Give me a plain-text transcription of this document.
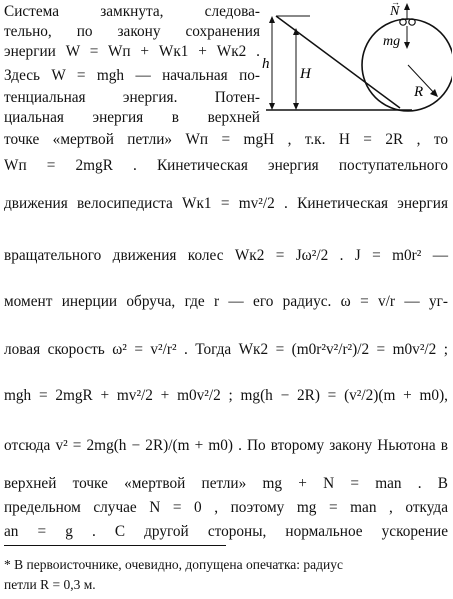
h
H
R
N
→
mg
Система замкнута, следова-
тельно, по закону сохранения
энергии W = Wп + Wк1 + Wк2 .
Здесь W = mgh — начальная по-
тенциальная энергия. Потен-
циальная энергия в верхней
точке «мертвой петли» Wп = mgH , т.к. H = 2R , то
Wп = 2mgR . Кинетическая энергия поступательного
движения велосипедиста Wк1 = mv²/2 . Кинетическая энергия
вращательного движения колес Wк2 = Jω²/2 . J = m0r² —
момент инерции обруча, где r — его радиус. ω = v/r — уг-
ловая скорость ω² = v²/r² . Тогда Wк2 = (m0r²v²/r²)/2 = m0v²/2 ;
mgh = 2mgR + mv²/2 + m0v²/2 ; mg(h − 2R) = (v²/2)(m + m0),
отсюда v² = 2mg(h − 2R)/(m + m0) . По второму закону Ньютона в
верхней точке «мертвой петли» mg + N = man . В
предельном случае N = 0 , поэтому mg = man , откуда
an = g . С другой стороны, нормальное ускорение
* В первоисточнике, очевидно, допущена опечатка: радиус
петли R = 0,3 м.
